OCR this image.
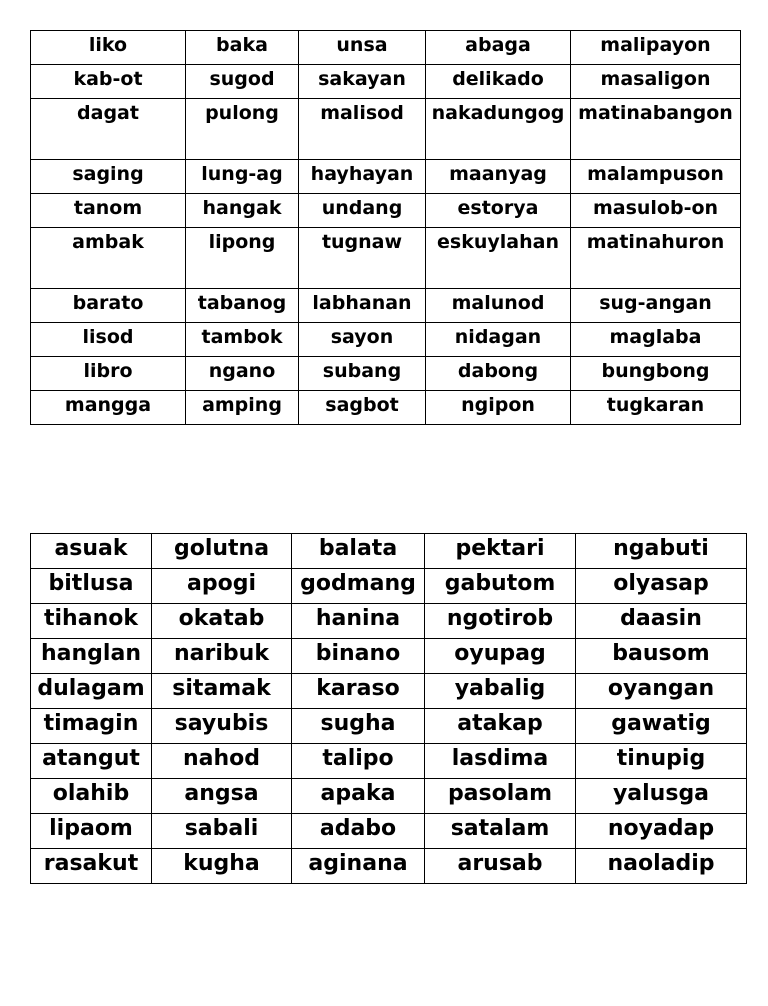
liko	baka	unsa	abaga	malipayon
kab-ot	sugod	sakayan	delikado	masaligon
dagat	pulong	malisod	nakadungog	matinabangon
saging	lung-ag	hayhayan	maanyag	malampuson
tanom	hangak	undang	estorya	masulob-on
ambak	lipong	tugnaw	eskuylahan	matinahuron
barato	tabanog	labhanan	malunod	sug-angan
lisod	tambok	sayon	nidagan	maglaba
libro	ngano	subang	dabong	bungbong
mangga	amping	sagbot	ngipon	tugkaran
asuak	golutna	balata	pektari	ngabuti
bitlusa	apogi	godmang	gabutom	olyasap
tihanok	okatab	hanina	ngotirob	daasin
hanglan	naribuk	binano	oyupag	bausom
dulagam	sitamak	karaso	yabalig	oyangan
timagin	sayubis	sugha	atakap	gawatig
atangut	nahod	talipo	lasdima	tinupig
olahib	angsa	apaka	pasolam	yalusga
lipaom	sabali	adabo	satalam	noyadap
rasakut	kugha	aginana	arusab	naoladip
